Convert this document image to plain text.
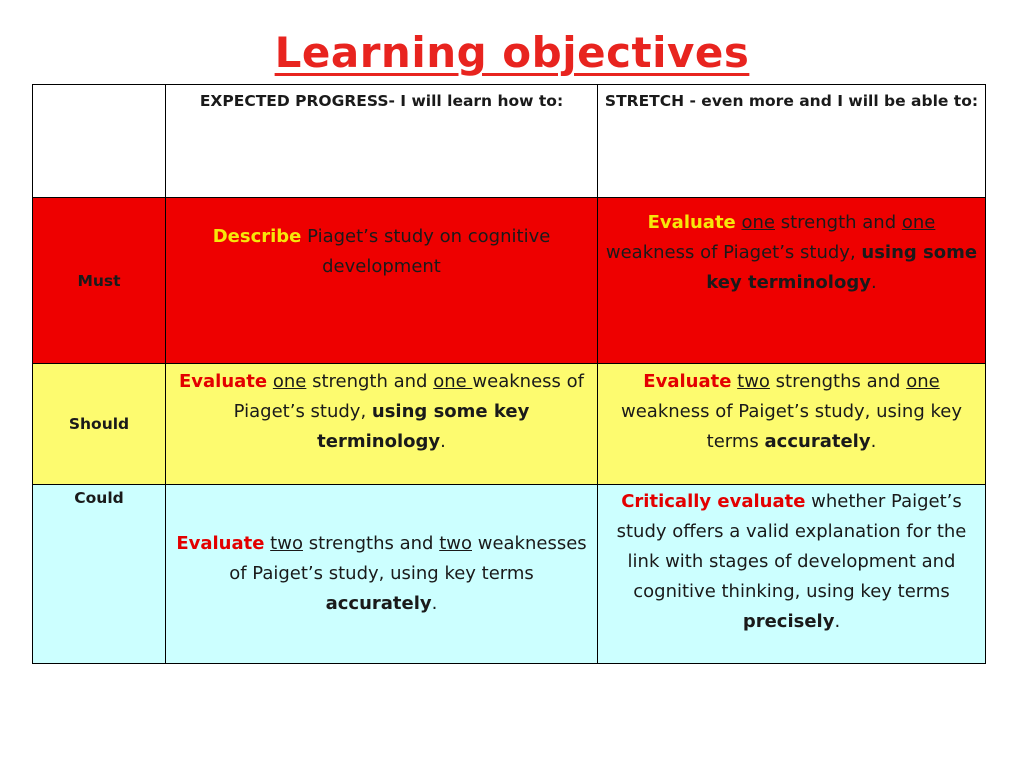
Learning objectives
	EXPECTED PROGRESS- I will learn how to:	STRETCH - even more and I will be able to:
Must	Describe Piaget’s study on cognitive development	Evaluate one strength and one weakness of Piaget’s study, using some key terminology.
Should	Evaluate one strength and one weakness of Piaget’s study, using some key terminology.	Evaluate two strengths and one weakness of Paiget’s study, using key terms accurately.
Could	Evaluate two strengths and two weaknesses of Paiget’s study, using key terms accurately.	Critically evaluate whether Paiget’s study offers a valid explanation for the link with stages of development and cognitive thinking, using key terms precisely.
